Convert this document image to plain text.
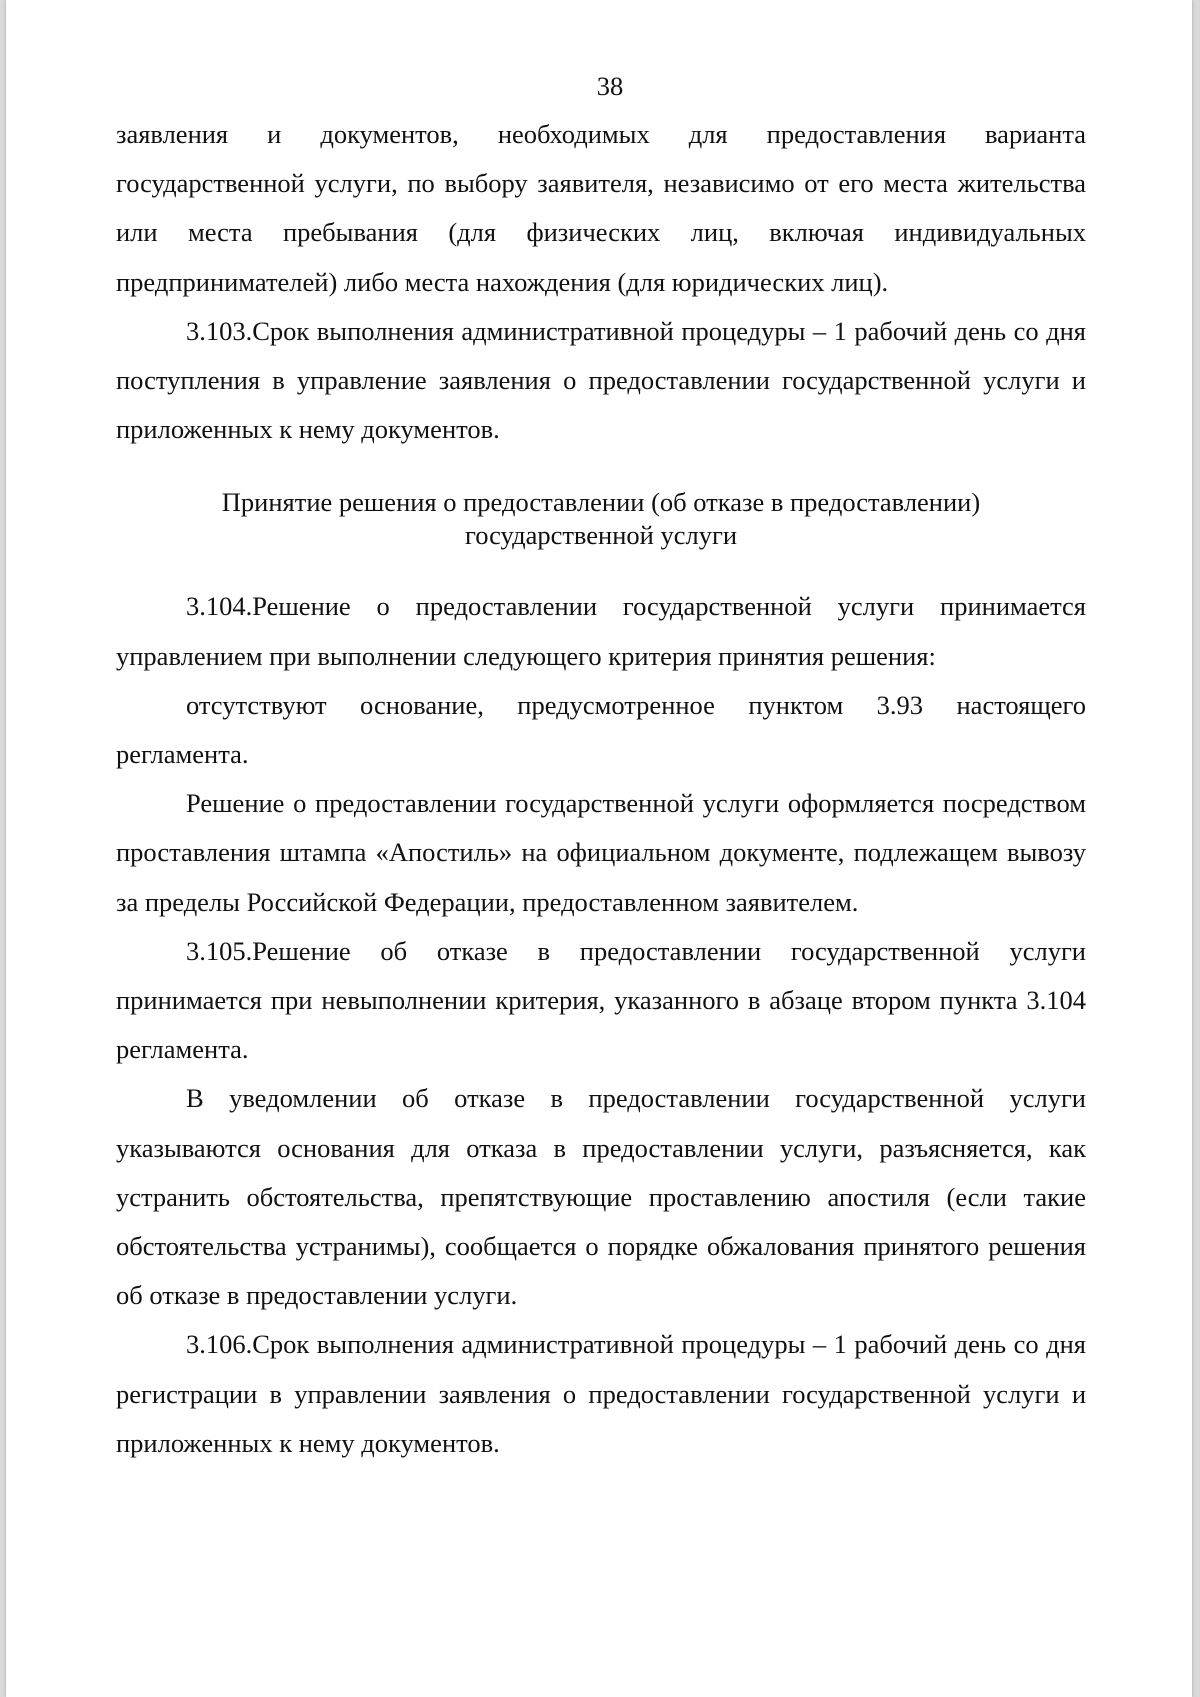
38

заявления и документов, необходимых для предоставления варианта государственной услуги, по выбору заявителя, независимо от его места жительства или места пребывания (для физических лиц, включая индивидуальных предпринимателей) либо места нахождения (для юридических лиц).

3.103.Срок выполнения административной процедуры – 1 рабочий день со дня поступления в управление заявления о предоставлении государственной услуги и приложенных к нему документов.

Принятие решения о предоставлении (об отказе в предоставлении)
государственной услуги

3.104.Решение о предоставлении государственной услуги принимается управлением при выполнении следующего критерия принятия решения:

отсутствуют основание, предусмотренное пунктом 3.93 настоящего регламента.

Решение о предоставлении государственной услуги оформляется посредством проставления штампа «Апостиль» на официальном документе, подлежащем вывозу за пределы Российской Федерации, предоставленном заявителем.

3.105.Решение об отказе в предоставлении государственной услуги принимается при невыполнении критерия, указанного в абзаце втором пункта 3.104 регламента.

В уведомлении об отказе в предоставлении государственной услуги указываются основания для отказа в предоставлении услуги, разъясняется, как устранить обстоятельства, препятствующие проставлению апостиля (если такие обстоятельства устранимы), сообщается о порядке обжалования принятого решения об отказе в предоставлении услуги.

3.106.Срок выполнения административной процедуры – 1 рабочий день со дня регистрации в управлении заявления о предоставлении государственной услуги и приложенных к нему документов.
